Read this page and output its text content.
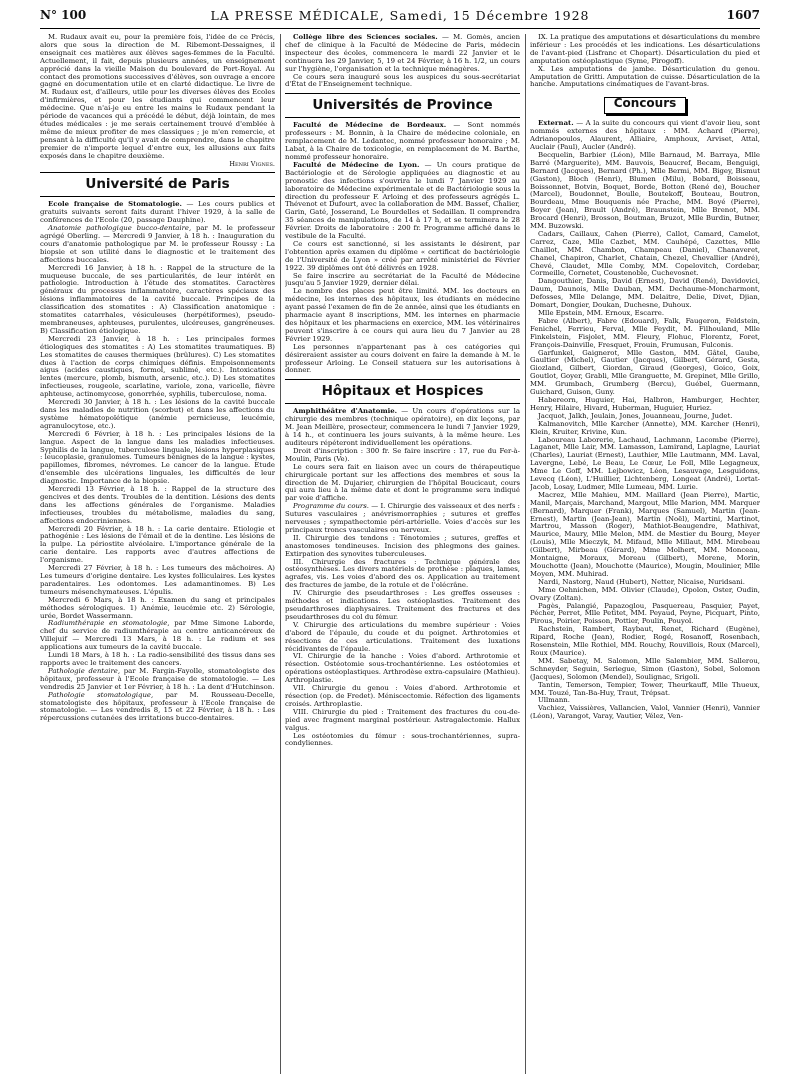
N° 100	LA PRESSE MÉDICALE, Samedi, 15 Décembre 1928	1607

M. Rudaux avait eu, pour la première fois, l'idée de ce Précis, alors que sous la direction de M. Ribemont-Dessaignes, il enseignait ces matières aux élèves sages-femmes de la Faculté. Actuellement, il fait, depuis plusieurs années, un enseignement apprécié dans la vieille Maison du boulevard de Port-Royal. Au contact des promotions successives d'élèves, son ouvrage a encore gagné en documentation utile et en clarté didactique. Le livre de M. Rudaux est, d'ailleurs, utile pour les diverses élèves des Ecoles d'infirmières, et pour les étudiants qui commencent leur médecine. Que n'ai-je eu entre les mains le Rudaux pendant la période de vacances qui a précédé le début, déjà lointain, de mes études médicales : je me serais certainement trouvé d'emblée à même de mieux profiter de mes classiques ; je m'en remercie, et pensant à la difficulté qu'il y avait de comprendre, dans le chapitre premier de n'importe lequel d'entre eux, les allusions aux faits exposés dans le chapitre deuxième.

Henri Vignes.
Université de Paris

Ecole française de Stomatologie. — Les cours publics et gratuits suivants seront faits durant l'hiver 1929, à la salle de conférences de l'Ecole (20, passage Dauphine).

Anatomie pathologique bucco-dentaire, par M. le professeur agrégé Oberling. — Mercredi 9 Janvier, à 18 h. : Inauguration du cours d'anatomie pathologique par M. le professeur Roussy : La biopsie et son utilité dans le diagnostic et le traitement des affections buccales.

Mercredi 16 Janvier, à 18 h. : Rappel de la structure de la muqueuse buccale, de ses particularités, de leur intérêt en pathologie. Introduction à l'étude des stomatites. Caractères généraux du processus inflammatoire, caractères spéciaux des lésions inflammatoires de la cavité buccale. Principes de la classification des stomatites : A) Classification anatomique : stomatites catarrhales, vésiculeuses (herpétiformes), pseudo-membraneuses, aphteuses, purulentes, ulcéreuses, gangréneuses. B) Classification étiologique.

Mercredi 23 Janvier, à 18 h. : Les principales formes étiologiques des stomatites : A) Les stomatites traumatiques. B) Les stomatites de causes thermiques (brûlures). C) Les stomatites dues à l'action de corps chimiques définis. Empoisonnements aigus (acides caustiques, formol, sublimé, etc.). Intoxications lentes (mercure, plomb, bismuth, arsenic, etc.). D) Les stomatites infectieuses, rougeole, scarlatine, variole, zona, varicelle, fièvre aphteuse, actinomycose, gonorrhée, syphilis, tuberculose, noma.

Mercredi 30 Janvier, à 18 h. : Les lésions de la cavité buccale dans les maladies de nutrition (scorbut) et dans les affections du système hématopoïétique (anémie pernicieuse, leucémie, agranulocytose, etc.).

Mercredi 6 Février, à 18 h. : Les principales lésions de la langue. Aspect de la langue dans les maladies infectieuses. Syphilis de la langue, tuberculose linguale, lésions hyperplasiques : leucoplasie, granulomes. Tumeurs bénignes de la langue : kystes, papillomes, fibromes, névromes. Le cancer de la langue. Etude d'ensemble des ulcérations linguales, les difficultés de leur diagnostic. Importance de la biopsie.

Mercredi 13 Février, à 18 h. : Rappel de la structure des gencives et des dents. Troubles de la dentition. Lésions des dents dans les affections générales de l'organisme. Maladies infectieuses, troubles du métabolisme, maladies du sang, affections endocriniennes.

Mercredi 20 Février, à 18 h. : La carie dentaire. Etiologie et pathogénie : Les lésions de l'émail et de la dentine. Les lésions de la pulpe. La périostite alvéolaire. L'importance générale de la carie dentaire. Les rapports avec d'autres affections de l'organisme.

Mercredi 27 Février, à 18 h. : Les tumeurs des mâchoires. A) Les tumeurs d'origine dentaire. Les kystes folliculaires. Les kystes paradentaires. Les odontomes. Les adamantinomes. B) Les tumeurs mésenchymateuses. L'épulis.

Mercredi 6 Mars, à 18 h. : Examen du sang et principales méthodes sérologiques. 1) Anémie, leucémie etc. 2) Sérologie, urée, Bordet Wassermann.

Radiumthérapie en stomatologie, par Mme Simone Laborde, chef du service de radiumthérapie au centre anticancéreux de Villejuif — Mercredi 13 Mars, à 18 h. : Le radium et ses applications aux tumeurs de la cavité buccale.

Lundi 18 Mars, à 18 h. : La radio-sensibilité des tissus dans ses rapports avec le traitement des cancers.

Pathologie dentaire, par M. Fargin-Fayolle, stomatologiste des hôpitaux, professeur à l'Ecole française de stomatologie. — Les vendredis 25 Janvier et 1er Février, à 18 h. : La dent d'Hutchinson.

Pathologie stomatologique, par M. Rousseau-Decelle, stomatologiste des hôpitaux, professeur à l'Ecole française de stomatologie. — Les vendredis 8, 15 et 22 Février, à 18 h. : Les répercussions cutanées des irritations bucco-dentaires.

Collège libre des Sciences sociales. — M. Gomès, ancien chef de clinique à la Faculté de Médecine de Paris, médecin inspecteur des écoles, commencera le mardi 22 Janvier et le continuera les 29 Janvier, 5, 19 et 24 Février, à 16 h. 1/2, un cours sur l'hygiène, l'organisation et la technique ménagères.

Ce cours sera inauguré sous les auspices du sous-secrétariat d'État de l'Enseignement technique.

Universités de Province

Faculté de Médecine de Bordeaux. — Sont nommés professeurs : M. Bonnin, à la Chaire de médecine coloniale, en remplacement de M. Ledantec, nommé professeur honoraire ; M. Labat, à la Chaire de toxicologie, en remplacement de M. Barthe, nommé professeur honoraire.

Faculté de Médecine de Lyon. — Un cours pratique de Bactériologie et de Sérologie appliquées au diagnostic et au pronostic des infections s'ouvrira le lundi 7 Janvier 1929 au laboratoire de Médecine expérimentale et de Bactériologie sous la direction du professeur F. Arloing et des professeurs agrégés L. Thévenot et Dufourt, avec la collaboration de MM. Basset, Chalier, Garin, Gaté, Josserand, Le Bourdelles et Sedaillan. Il comprendra 35 séances de manipulations, de 14 à 17 h, et se terminera le 28 Février. Droits de laboratoire : 200 fr. Programme affiché dans le vestibule de la Faculté.

Ce cours est sanctionné, si les assistants le désirent, par l'obtention après examen du diplôme « certificat de bactériologie de l'Université de Lyon » créé par arrêté ministériel de Février 1922. 39 diplômes ont été délivrés en 1928.

Se faire inscrire au secrétariat de la Faculté de Médecine jusqu'au 5 Janvier 1929, dernier délai.

Le nombre des places peut être limité. MM. les docteurs en médecine, les internes des hôpitaux, les étudiants en médecine ayant passé l'examen de fin de 2e année, ainsi que les étudiants en pharmacie ayant 8 inscriptions, MM. les internes en pharmacie des hôpitaux et les pharmaciens en exercice, MM. les vétérinaires peuvent s'inscrire à ce cours qui aura lieu du 7 Janvier au 28 Février 1929.

Les personnes n'appartenant pas à ces catégories qui désireraient assister au cours doivent en faire la demande à M. le professeur Arloing. Le Conseil statuera sur les autorisations à donner.

Hôpitaux et Hospices

Amphithéâtre d'Anatomie. — Un cours d'opérations sur la chirurgie des membres (technique opératoire), en dix leçons, par M. Jean Meillère, prosecteur, commencera le lundi 7 Janvier 1929, à 14 h., et continuera les jours suivants, à la même heure. Les auditeurs répéteront individuellement les opérations.

Droit d'inscription : 300 fr. Se faire inscrire : 17, rue du Fer-à-Moulin, Paris (Ve).

Le cours sera fait en liaison avec un cours de thérapeutique chirurgicale portant sur les affections des membres et sous la direction de M. Dujarier, chirurgien de l'hôpital Boucicaut, cours qui aura lieu à la même date et dont le programme sera indiqué par voie d'affiche.

Programme du cours. — I. Chirurgie des vaisseaux et des nerfs : Sutures vasculaires ; anévrismorraphies ; sutures et greffes nerveuses ; sympathectomie péri-artérielle. Voies d'accès sur les principaux troncs vasculaires ou nerveux.

II. Chirurgie des tendons : Ténotomies ; sutures, greffes et anastomoses tendineuses. Incision des phlegmons des gaines. Extirpation des synovites tuberculeuses.

III. Chirurgie des fractures : Technique générale des ostéosynthèses. Les divers matériels de prothèse : plaques, lames, agrafes, vis. Les voies d'abord des os. Application au traitement des fractures de jambe, de la rotule et de l'olécrâne.

IV. Chirurgie des pseudarthroses : Les greffes osseuses : méthodes et indications. Les ostéoplasties. Traitement des pseudarthroses diaphysaires. Traitement des fractures et des pseudarthroses du col du fémur.

V. Chirurgie des articulations du membre supérieur : Voies d'abord de l'épaule, du coude et du poignet. Arthrotomies et résections de ces articulations. Traitement des luxations récidivantes de l'épaule.

VI. Chirurgie de la hanche : Voies d'abord. Arthrotomie et résection. Ostéotomie sous-trochantérienne. Les ostéotomies et opérations ostéoplastiques. Arthrodèse extra-capsulaire (Mathieu). Arthroplastie.

VII. Chirurgie du genou : Voies d'abord. Arthrotomie et résection (op. de Fredet). Méniscectomie. Réfection des ligaments croisés. Arthroplastie.

VIII. Chirurgie du pied : Traitement des fractures du cou-de-pied avec fragment marginal postérieur. Astragalectomie. Hallux valgus.

Les ostéotomies du fémur : sous-trochantériennes, supra-condyliennes.

IX. La pratique des amputations et désarticulations du membre inférieur : Les procédés et les indications. Les désarticulations de l'avant-pied (Lisfranc et Chopart). Désarticulation du pied et amputation ostéoplastique (Syme, Pirogoff).

X. Les amputations de jambe. Désarticulation du genou. Amputation de Gritti. Amputation de cuisse. Désarticulation de la hanche. Amputations cinématiques de l'avant-bras.

Concours

Externat. — A la suite du concours qui vient d'avoir lieu, sont nommés externes des hôpitaux : MM. Achard (Pierre), Adrianopoulos, Alaurent, Alliaire, Amphoux, Arviset, Attal, Auclair (Paul), Aucler (André).

Becquelin, Barbier (Léon), Mlle Barnaud, M. Barraya, Mlle Barré (Marguerite), MM. Bauvois, Beaucref, Becam, Benguigi, Bernard (Jacques), Bernard (Ph.), Mlle Bermi, MM. Bigey, Bismut (Gaston), Bloch (Henri), Blumen (Milu), Bobard, Boisseau, Boissonnet, Botvin, Boquet, Borde, Botton (René de), Boucher (Marcel), Boudonnet, Boulle, Boutekoff, Bouteau, Boutron, Bourdeau, Mme Bouquenis née Prache, MM. Boyé (Pierre), Boyer (Jean), Brault (André), Braunstein, Mlle Brenot, MM. Brocard (Henri), Brosson, Boutman, Bruzot, Mlle Burdin, Butner, MM. Buzowski.

Cadars, Caillaux, Cahen (Pierre), Callot, Camard, Camelot, Carrez, Caze, Mlle Cazbet, MM. Cauhépé, Cazettes, Mlle Chaillot, MM. Chambon, Champeau (Daniel), Chanaveret, Chanel, Chapiron, Charlet, Chatain, Chezel, Chevallier (André), Chevé, Claudet, Mlle Comby, MM. Copelovitch, Cordebar, Cormeille, Cornetet, Coustenoble, Cuchevosnet.

Dangouthier, Danis, David (Ernest), David (René), Davidovici, Daum, Daunois, Mlle Dauban, MM. Dechaume-Moncharmont, Defosses, Mlle Delange, MM. Delaitre, Delie, Divet, Djian, Domart, Dongier, Doukan, Duchesne, Duhoux.

Mlle Epstein, MM. Ernoux, Escarre.

Fabre (Albert), Fabre (Edouard), Falk, Faugeron, Feldstein, Fenichel, Ferrieu, Ferval, Mlle Feydit, M. Filhouland, Mlle Finkelstein, Fisjolet, MM. Fleury, Flohuc, Florentz, Foret, François-Dainville, Fresquet, Frouin, Frumusan, Fulconis.

Garfunkel, Gaignerot, Mlle Gaston, MM. Gâtel, Gaube, Gaultier (Michel), Gautier (Jacques), Gilbert, Gérard, Gesta, Giozland, Gilbert, Giordan, Giraud (Georges), Goico, Goix, Goutlot, Goyer, Grabli, Mlle Granguette, M. Grepinet, Mlle Grillo, MM. Grumbach, Grumberg (Bercu), Guébel, Guermann, Guichard, Guison, Guny.

Habereorn, Huguier, Hai, Halbron, Hamburger, Hechter, Henry, Hilaire, Hivard, Huberman, Huguier, Huriez.

Jacquot, Jalkh, Jeulain, Jones, Jouanneau, Journe, Judet.

Kalmanovitch, Mlle Karcher (Annette), MM. Karcher (Henri), Klein, Kruiter, Krivine, Kun.

Laboureau Laborerie, Lachaud, Lachmann, Lacombe (Pierre), Laganet, Mlle Lair, MM. Lamasson, Lamirand, Laplagne, Lauriat (Charles), Lauriat (Ernest), Lauthier, Mlle Lautmann, MM. Laval, Lavergne, Lebé, Le Beau, Le Cœur, Le Foll, Mlle Legagneux, Mme Le Goff, MM. Lejbowicz, Léon, Lesauvage, Lesguidons, Levecq (Léon), L'Huillier, Lichtenberg, Longeat (André), Lortat-Jacob, Losay, Ludmer, Mlle Lumeau, MM. Lurie.

Macrez, Mlle Mahieu, MM. Maillard (Jean Pierre), Martic, Manil, Marçais, Marchand, Margout, Mlle Marion, MM. Marquer (Bernard), Marquer (Frank), Marques (Samuel), Martin (Jean-Ernest), Martin (Jean-Jean), Martin (Noël), Martini, Martinot, Martrou, Masson (Roger), Mathiot-Beaugendre, Mathivat, Maurice, Maury, Mlle Melon, MM. de Mestier du Bourg, Meyer (Louis), Mlle Mieczyk, M. Mifaud, Mlle Millaut, MM. Mirebeau (Gilbert), Mirbeau (Gérard), Mme Molhert, MM. Monceau, Montaigne, Moraux, Moreau (Gilbert), Morene, Morin, Mouchotte (Jean), Mouchotte (Maurice), Mougin, Moulinier, Mlle Moyen, MM. Muhirad.

Nardi, Nastorg, Naud (Hubert), Netter, Nicaise, Nuridsani.

Mme Oehnichen, MM. Olivier (Claude), Opolon, Oster, Oudin, Ovary (Zoltan).

Pagès, Palangié, Papazoglou, Pasquereau, Pasquier, Payet, Pécher, Perret, Mlle Petitet, MM. Peyaud, Peyne, Picquart, Pinto, Pirous, Poirier, Poisson, Pottier, Poulin, Pouyol.

Rachstein, Rambert, Raybaut, Renet, Richard (Eugène), Ripard, Roche (Jean), Rodier, Rogé, Rosanoff, Rosenbach, Rosenstein, Mlle Rothiel, MM. Rouchy, Rouvillois, Roux (Marcel), Roux (Maurice).

MM. Sabetay, M. Salomon, Mlle Salembier, MM. Sallerou, Schneyder, Seguin, Seriegue, Simon (Gaston), Sobel, Solomon (Jacques), Solomon (Mendel), Soulignac, Srigoli.

Tantin, Temerson, Tempier, Tower, Theurkauff, Mlle Thueux, MM. Touzé, Tan-Ba-Huy, Traut, Trépsat.

Ullmann.

Vachiez, Vaissières, Vallancien, Valol, Vannier (Henri), Vannier (Léon), Varangot, Varay, Vautier, Vélez, Ven-
